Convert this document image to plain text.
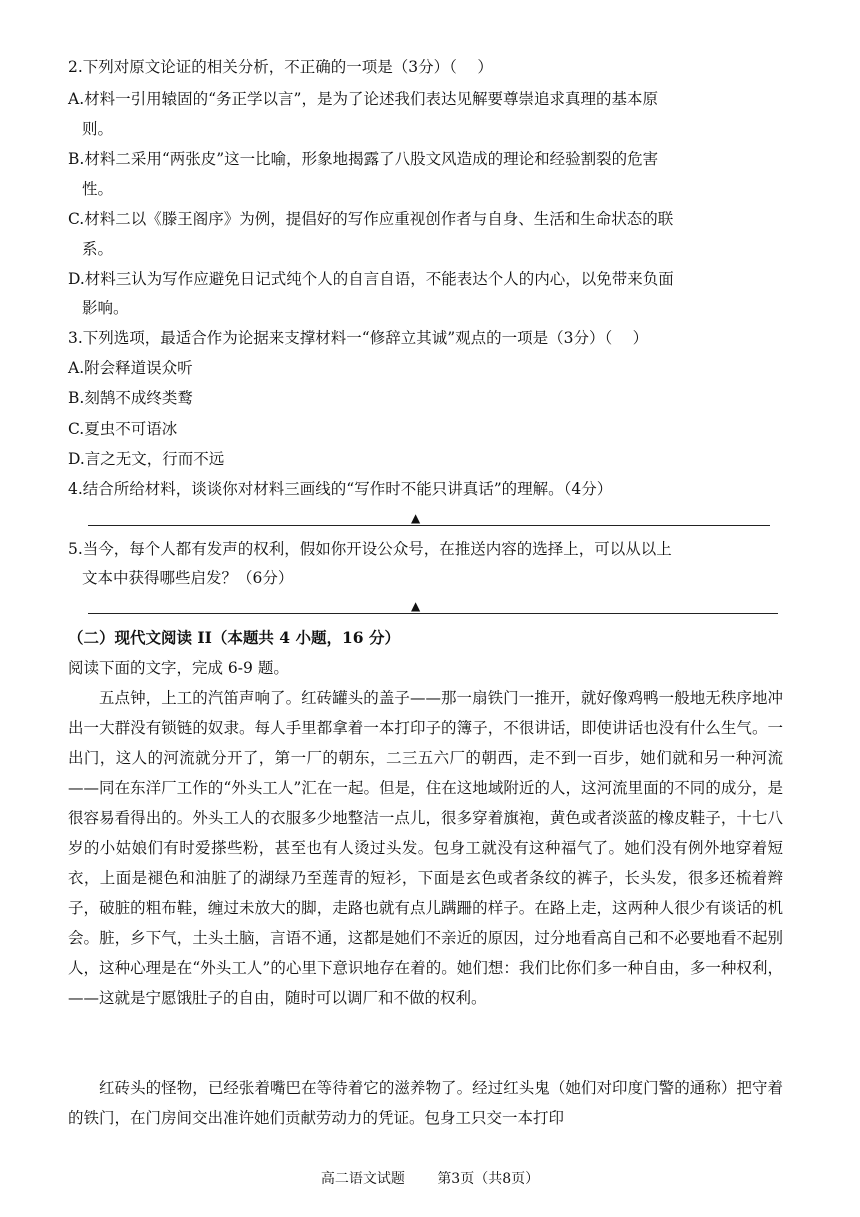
2.下列对原文论证的相关分析，不正确的一项是（3分）（　 ）
A.材料一引用辕固的“务正学以言”，是为了论述我们表达见解要尊崇追求真理的基本原
则。
B.材料二采用“两张皮”这一比喻，形象地揭露了八股文风造成的理论和经验割裂的危害
性。
C.材料二以《滕王阁序》为例，提倡好的写作应重视创作者与自身、生活和生命状态的联
系。
D.材料三认为写作应避免日记式纯个人的自言自语，不能表达个人的内心，以免带来负面
影响。
3.下列选项，最适合作为论据来支撑材料一“修辞立其诚”观点的一项是（3分）（　 ）
A.附会释道误众听
B.刻鹄不成终类鹜
C.夏虫不可语冰
D.言之无文，行而不远
4.结合所给材料，谈谈你对材料三画线的“写作时不能只讲真话”的理解。（4分）
▲
5.当今，每个人都有发声的权利，假如你开设公众号，在推送内容的选择上，可以从以上
文本中获得哪些启发？（6分）
▲
（二）现代文阅读 II（本题共 4 小题，16 分）
阅读下面的文字，完成 6-9 题。
五点钟，上工的汽笛声响了。红砖罐头的盖子——那一扇铁门一推开，就好像鸡鸭一般地无秩序地冲出一大群没有锁链的奴隶。每人手里都拿着一本打印子的簿子，不很讲话，即使讲话也没有什么生气。一出门，这人的河流就分开了，第一厂的朝东，二三五六厂的朝西，走不到一百步，她们就和另一种河流——同在东洋厂工作的“外头工人”汇在一起。但是，住在这地域附近的人，这河流里面的不同的成分，是很容易看得出的。外头工人的衣服多少地整洁一点儿，很多穿着旗袍，黄色或者淡蓝的橡皮鞋子，十七八岁的小姑娘们有时爱搽些粉，甚至也有人烫过头发。包身工就没有这种福气了。她们没有例外地穿着短衣，上面是褪色和油脏了的湖绿乃至莲青的短衫，下面是玄色或者条纹的裤子，长头发，很多还梳着辫子，破脏的粗布鞋，缠过未放大的脚，走路也就有点儿蹒跚的样子。在路上走，这两种人很少有谈话的机会。脏，乡下气，土头土脑，言语不通，这都是她们不亲近的原因，过分地看高自己和不必要地看不起别人，这种心理是在“外头工人”的心里下意识地存在着的。她们想：我们比你们多一种自由，多一种权利，——这就是宁愿饿肚子的自由，随时可以调厂和不做的权利。
红砖头的怪物，已经张着嘴巴在等待着它的滋养物了。经过红头鬼（她们对印度门警的通称）把守着的铁门，在门房间交出准许她们贡献劳动力的凭证。包身工只交一本打印
高二语文试题 第3页（共8页）
